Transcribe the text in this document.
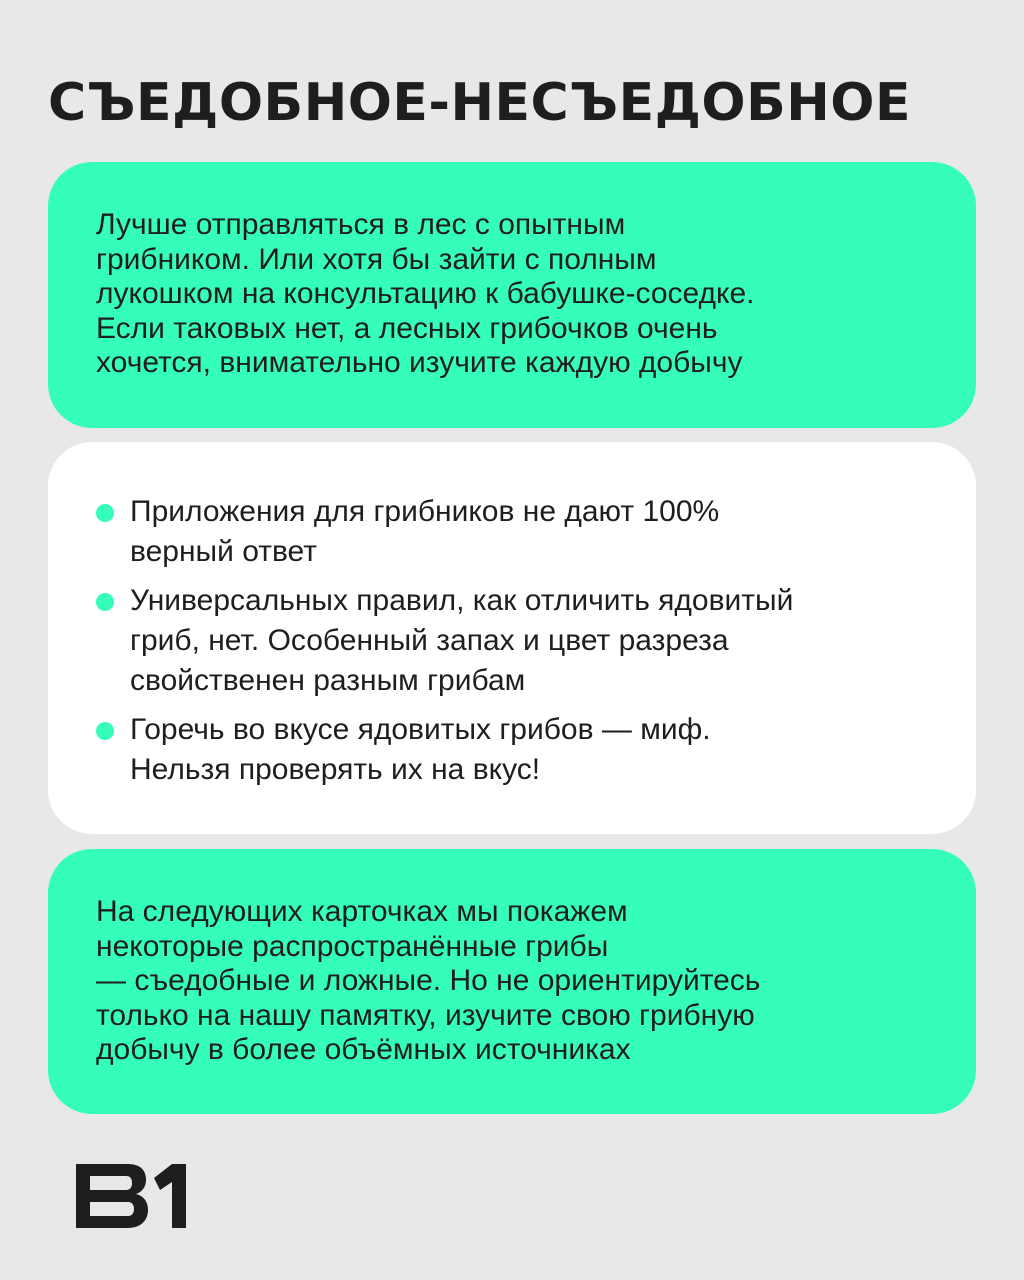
СЪЕДОБНОЕ-НЕСЪЕДОБНОЕ

Лучше отправляться в лес с опытным
грибником. Или хотя бы зайти с полным
лукошком на консультацию к бабушке-соседке.
Если таковых нет, а лесных грибочков очень
хочется, внимательно изучите каждую добычу

Приложения для грибников не дают 100%
верный ответ
Универсальных правил, как отличить ядовитый
гриб, нет. Особенный запах и цвет разреза
свойственен разным грибам
Горечь во вкусе ядовитых грибов — миф.
Нельзя проверять их на вкус!

На следующих карточках мы покажем
некоторые распространённые грибы
— съедобные и ложные. Но не ориентируйтесь
только на нашу памятку, изучите свою грибную
добычу в более объёмных источниках
